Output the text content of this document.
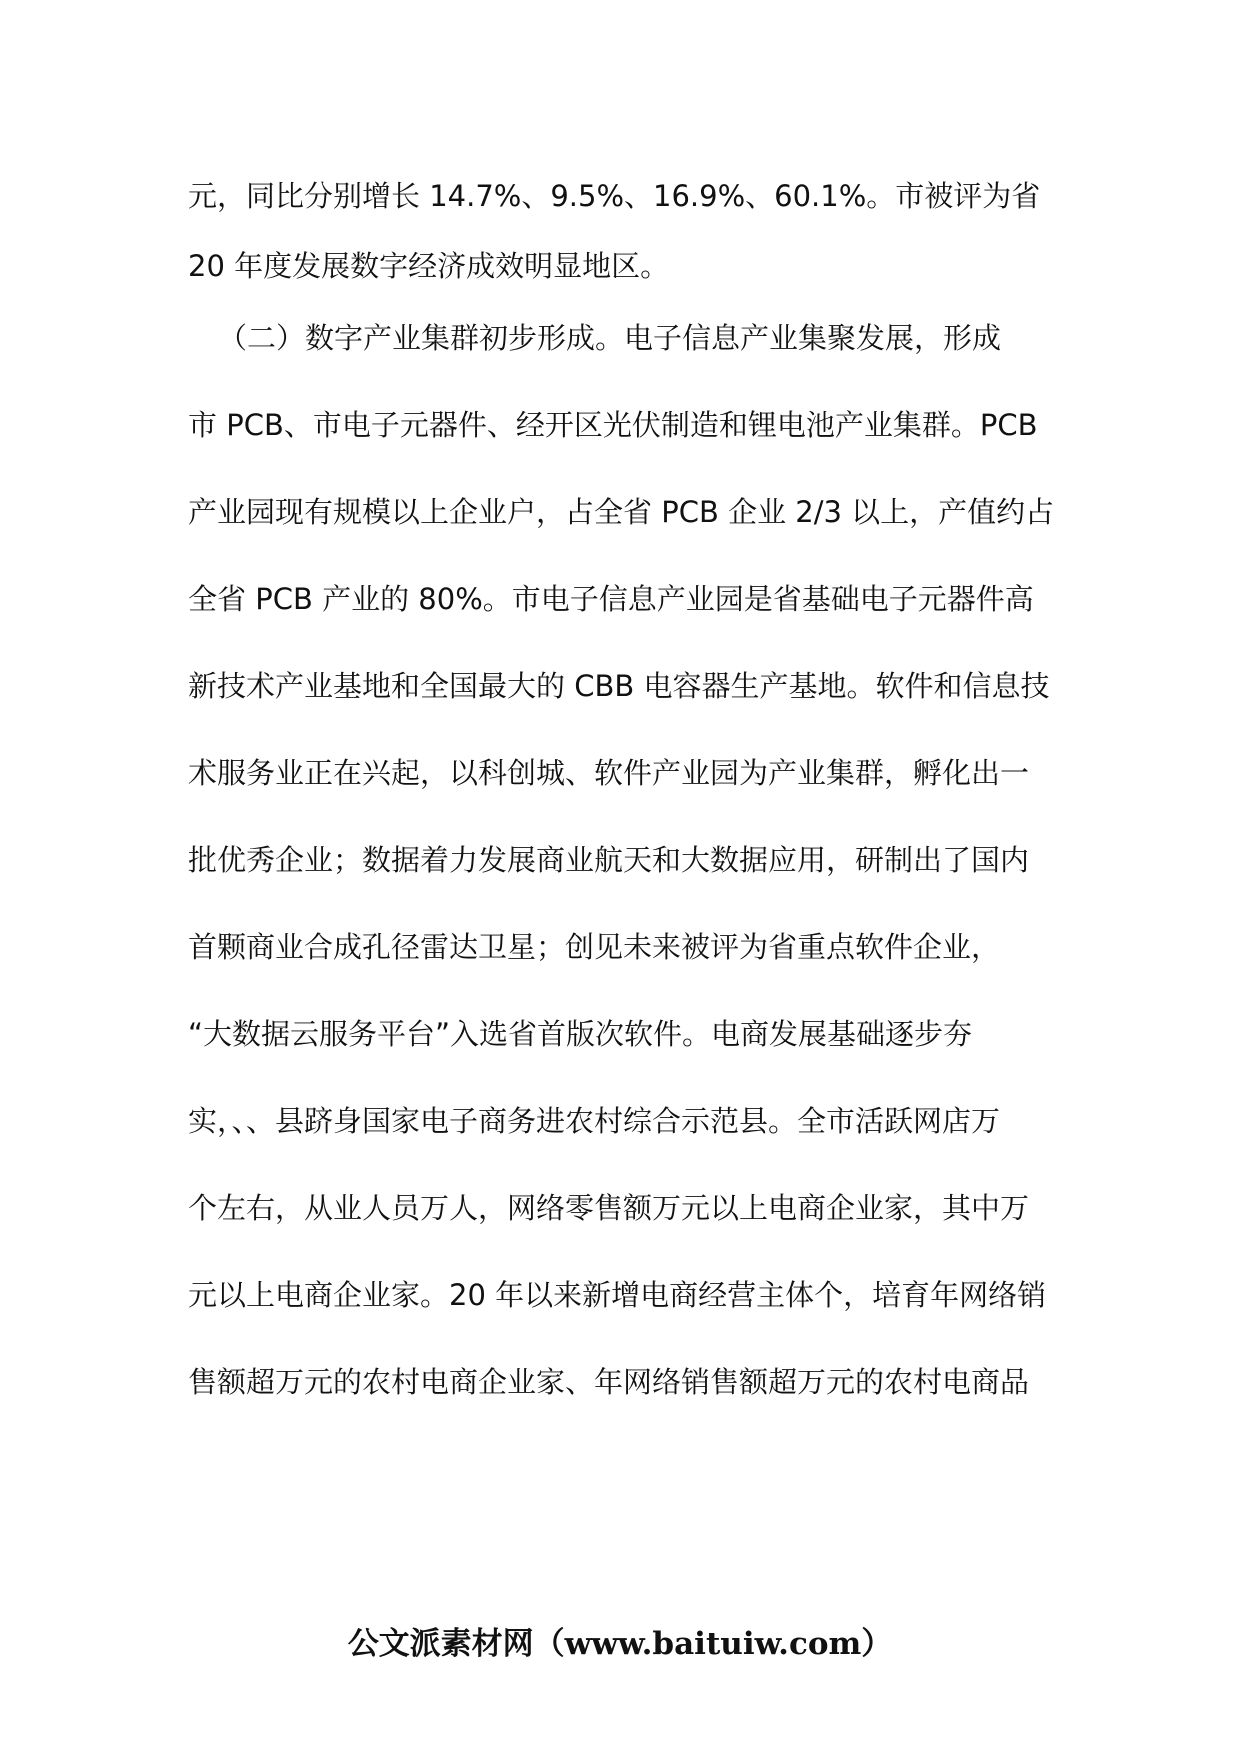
元，同比分别增长 14.7%、9.5%、16.9%、60.1%。市被评为省
20 年度发展数字经济成效明显地区。
（二）数字产业集群初步形成。电子信息产业集聚发展，形成
市 PCB、市电子元器件、经开区光伏制造和锂电池产业集群。PCB
产业园现有规模以上企业户，占全省 PCB 企业 2/3 以上，产值约占
全省 PCB 产业的 80%。市电子信息产业园是省基础电子元器件高
新技术产业基地和全国最大的 CBB 电容器生产基地。软件和信息技
术服务业正在兴起，以科创城、软件产业园为产业集群，孵化出一
批优秀企业；数据着力发展商业航天和大数据应用，研制出了国内
首颗商业合成孔径雷达卫星；创见未来被评为省重点软件企业，
“大数据云服务平台”入选省首版次软件。电商发展基础逐步夯
实，、、县跻身国家电子商务进农村综合示范县。全市活跃网店万
个左右，从业人员万人，网络零售额万元以上电商企业家，其中万
元以上电商企业家。20 年以来新增电商经营主体个，培育年网络销
售额超万元的农村电商企业家、年网络销售额超万元的农村电商品
公文派素材网（www.baituiw.com）
